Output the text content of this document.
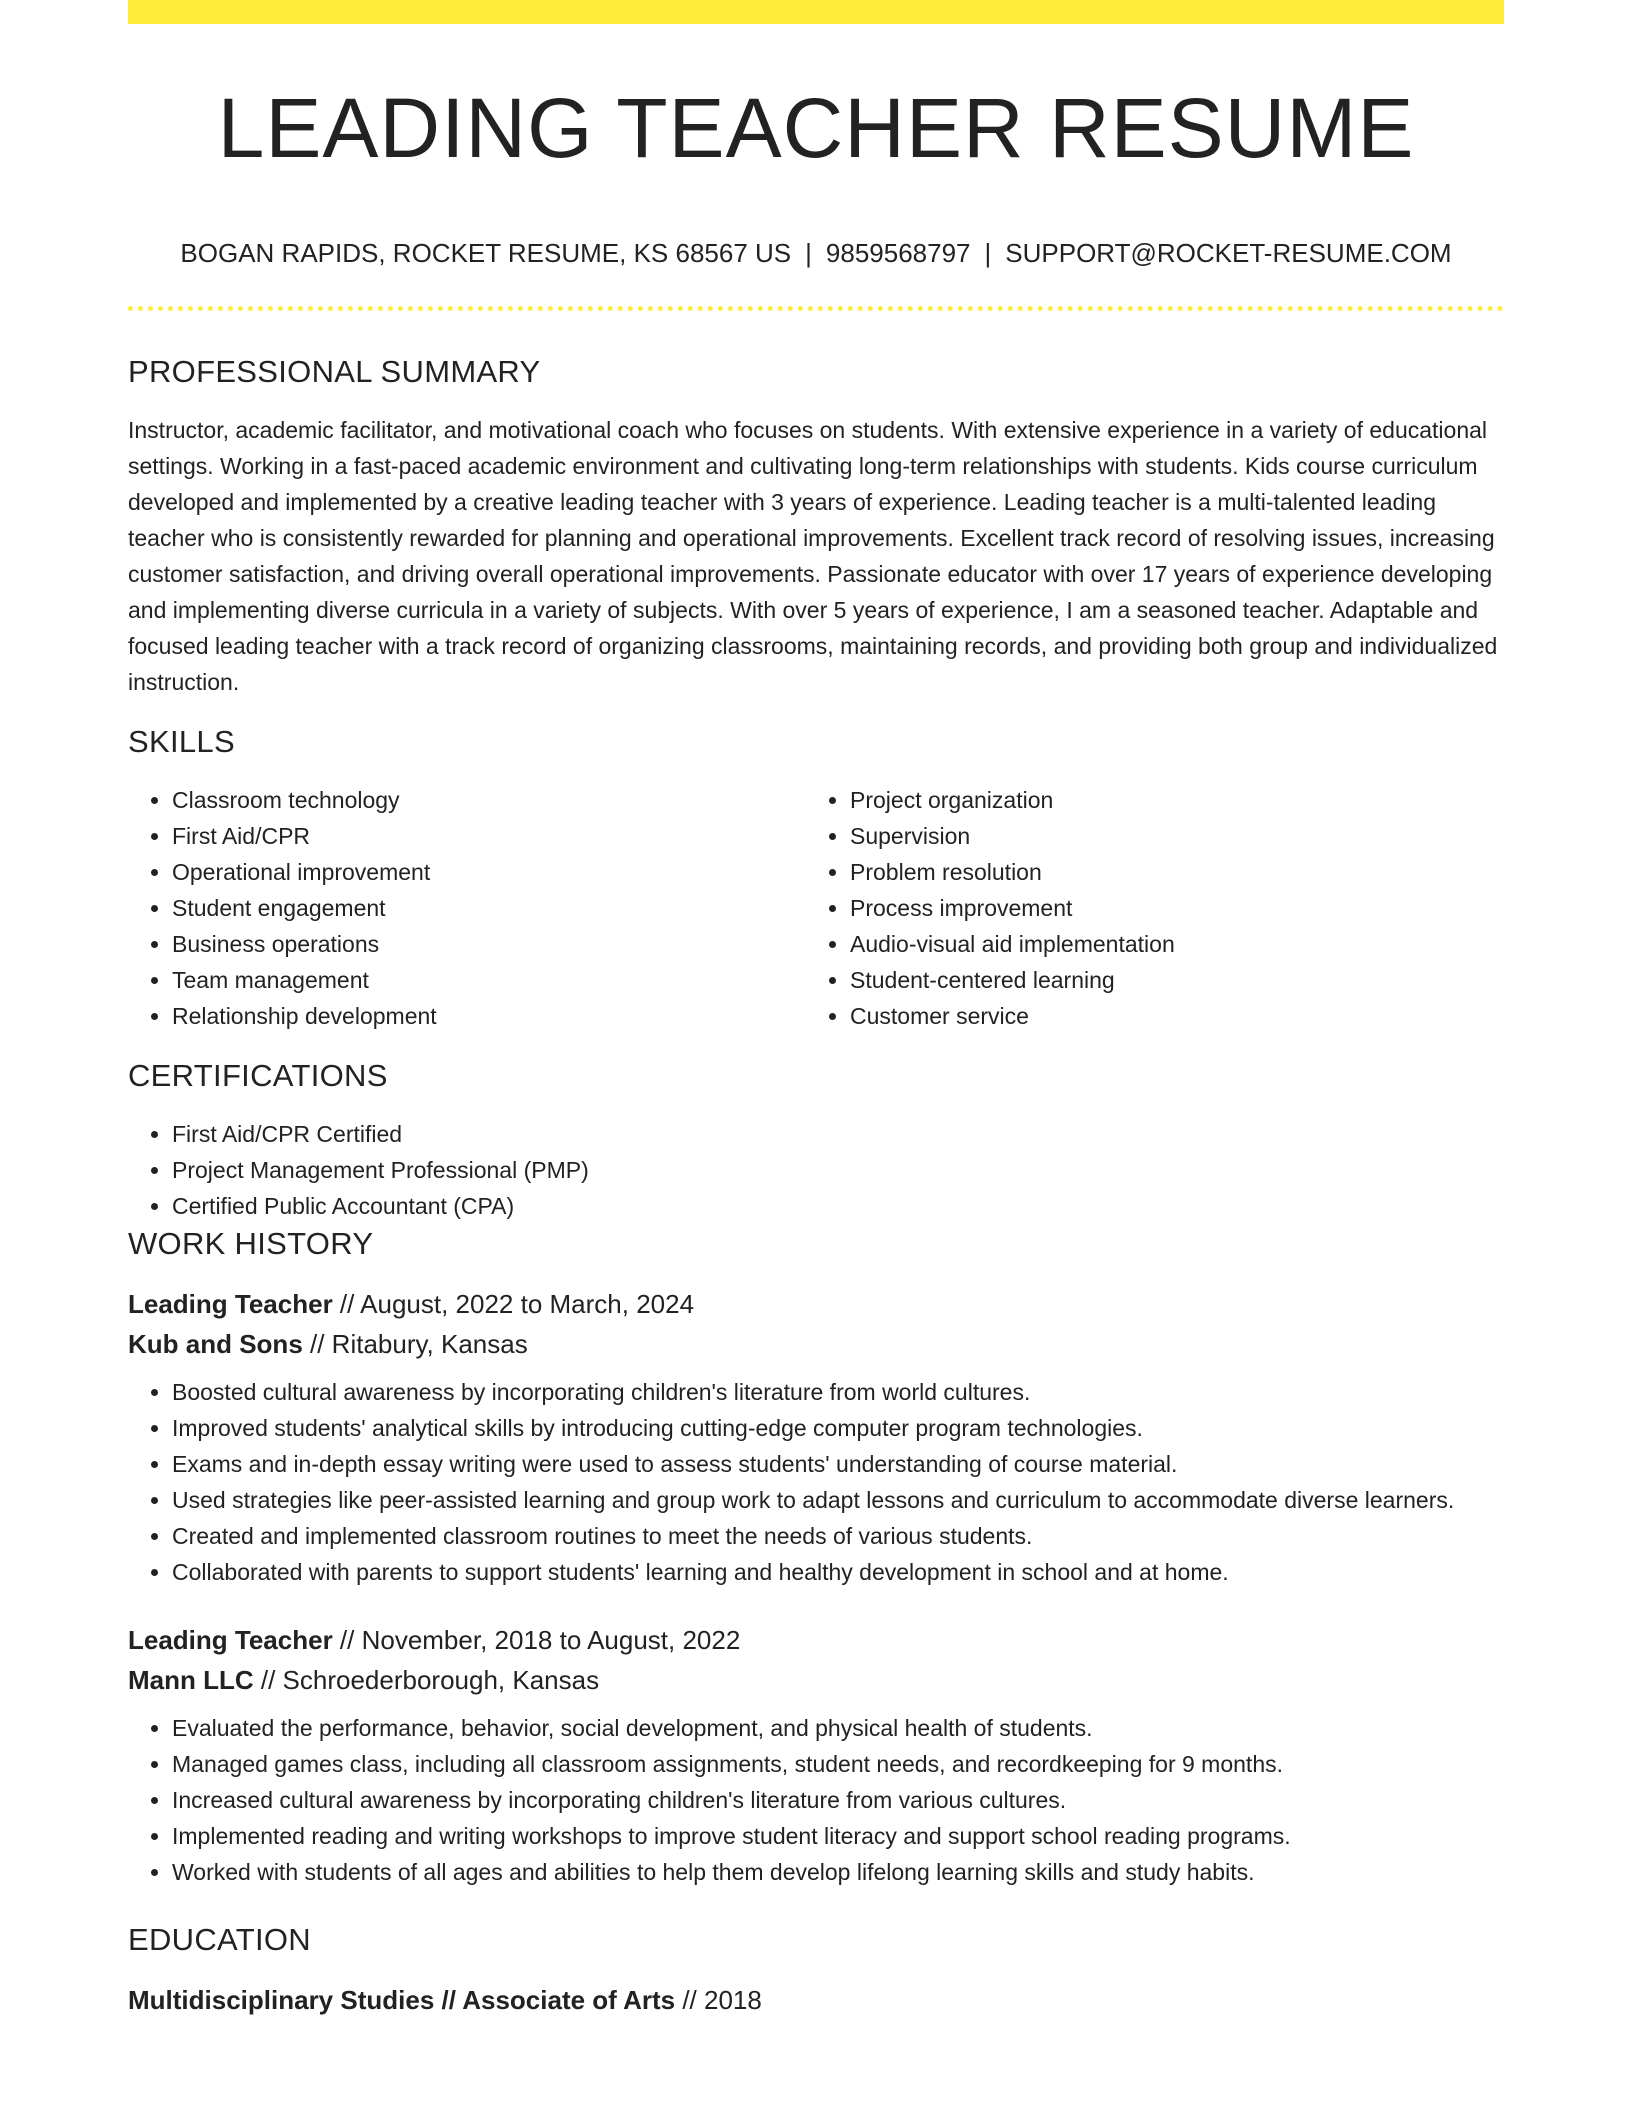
LEADING TEACHER RESUME
BOGAN RAPIDS, ROCKET RESUME, KS 68567 US | 9859568797 | SUPPORT@ROCKET-RESUME.COM
PROFESSIONAL SUMMARY

Instructor, academic facilitator, and motivational coach who focuses on students. With extensive experience in a variety of educational settings. Working in a fast-paced academic environment and cultivating long-term relationships with students. Kids course curriculum developed and implemented by a creative leading teacher with 3 years of experience. Leading teacher is a multi-talented leading teacher who is consistently rewarded for planning and operational improvements. Excellent track record of resolving issues, increasing customer satisfaction, and driving overall operational improvements. Passionate educator with over 17 years of experience developing and implementing diverse curricula in a variety of subjects. With over 5 years of experience, I am a seasoned teacher. Adaptable and focused leading teacher with a track record of organizing classrooms, maintaining records, and providing both group and individualized instruction.

SKILLS
• Classroom technology
• First Aid/CPR
• Operational improvement
• Student engagement
• Business operations
• Team management
• Relationship development
• Project organization
• Supervision
• Problem resolution
• Process improvement
• Audio-visual aid implementation
• Student-centered learning
• Customer service
CERTIFICATIONS
• First Aid/CPR Certified
• Project Management Professional (PMP)
• Certified Public Accountant (CPA)
WORK HISTORY
Leading Teacher // August, 2022 to March, 2024
Kub and Sons // Ritabury, Kansas
• Boosted cultural awareness by incorporating children's literature from world cultures.
• Improved students' analytical skills by introducing cutting-edge computer program technologies.
• Exams and in-depth essay writing were used to assess students' understanding of course material.
• Used strategies like peer-assisted learning and group work to adapt lessons and curriculum to accommodate diverse learners.
• Created and implemented classroom routines to meet the needs of various students.
• Collaborated with parents to support students' learning and healthy development in school and at home.
Leading Teacher // November, 2018 to August, 2022
Mann LLC // Schroederborough, Kansas
• Evaluated the performance, behavior, social development, and physical health of students.
• Managed games class, including all classroom assignments, student needs, and recordkeeping for 9 months.
• Increased cultural awareness by incorporating children's literature from various cultures.
• Implemented reading and writing workshops to improve student literacy and support school reading programs.
• Worked with students of all ages and abilities to help them develop lifelong learning skills and study habits.
EDUCATION
Multidisciplinary Studies // Associate of Arts // 2018
